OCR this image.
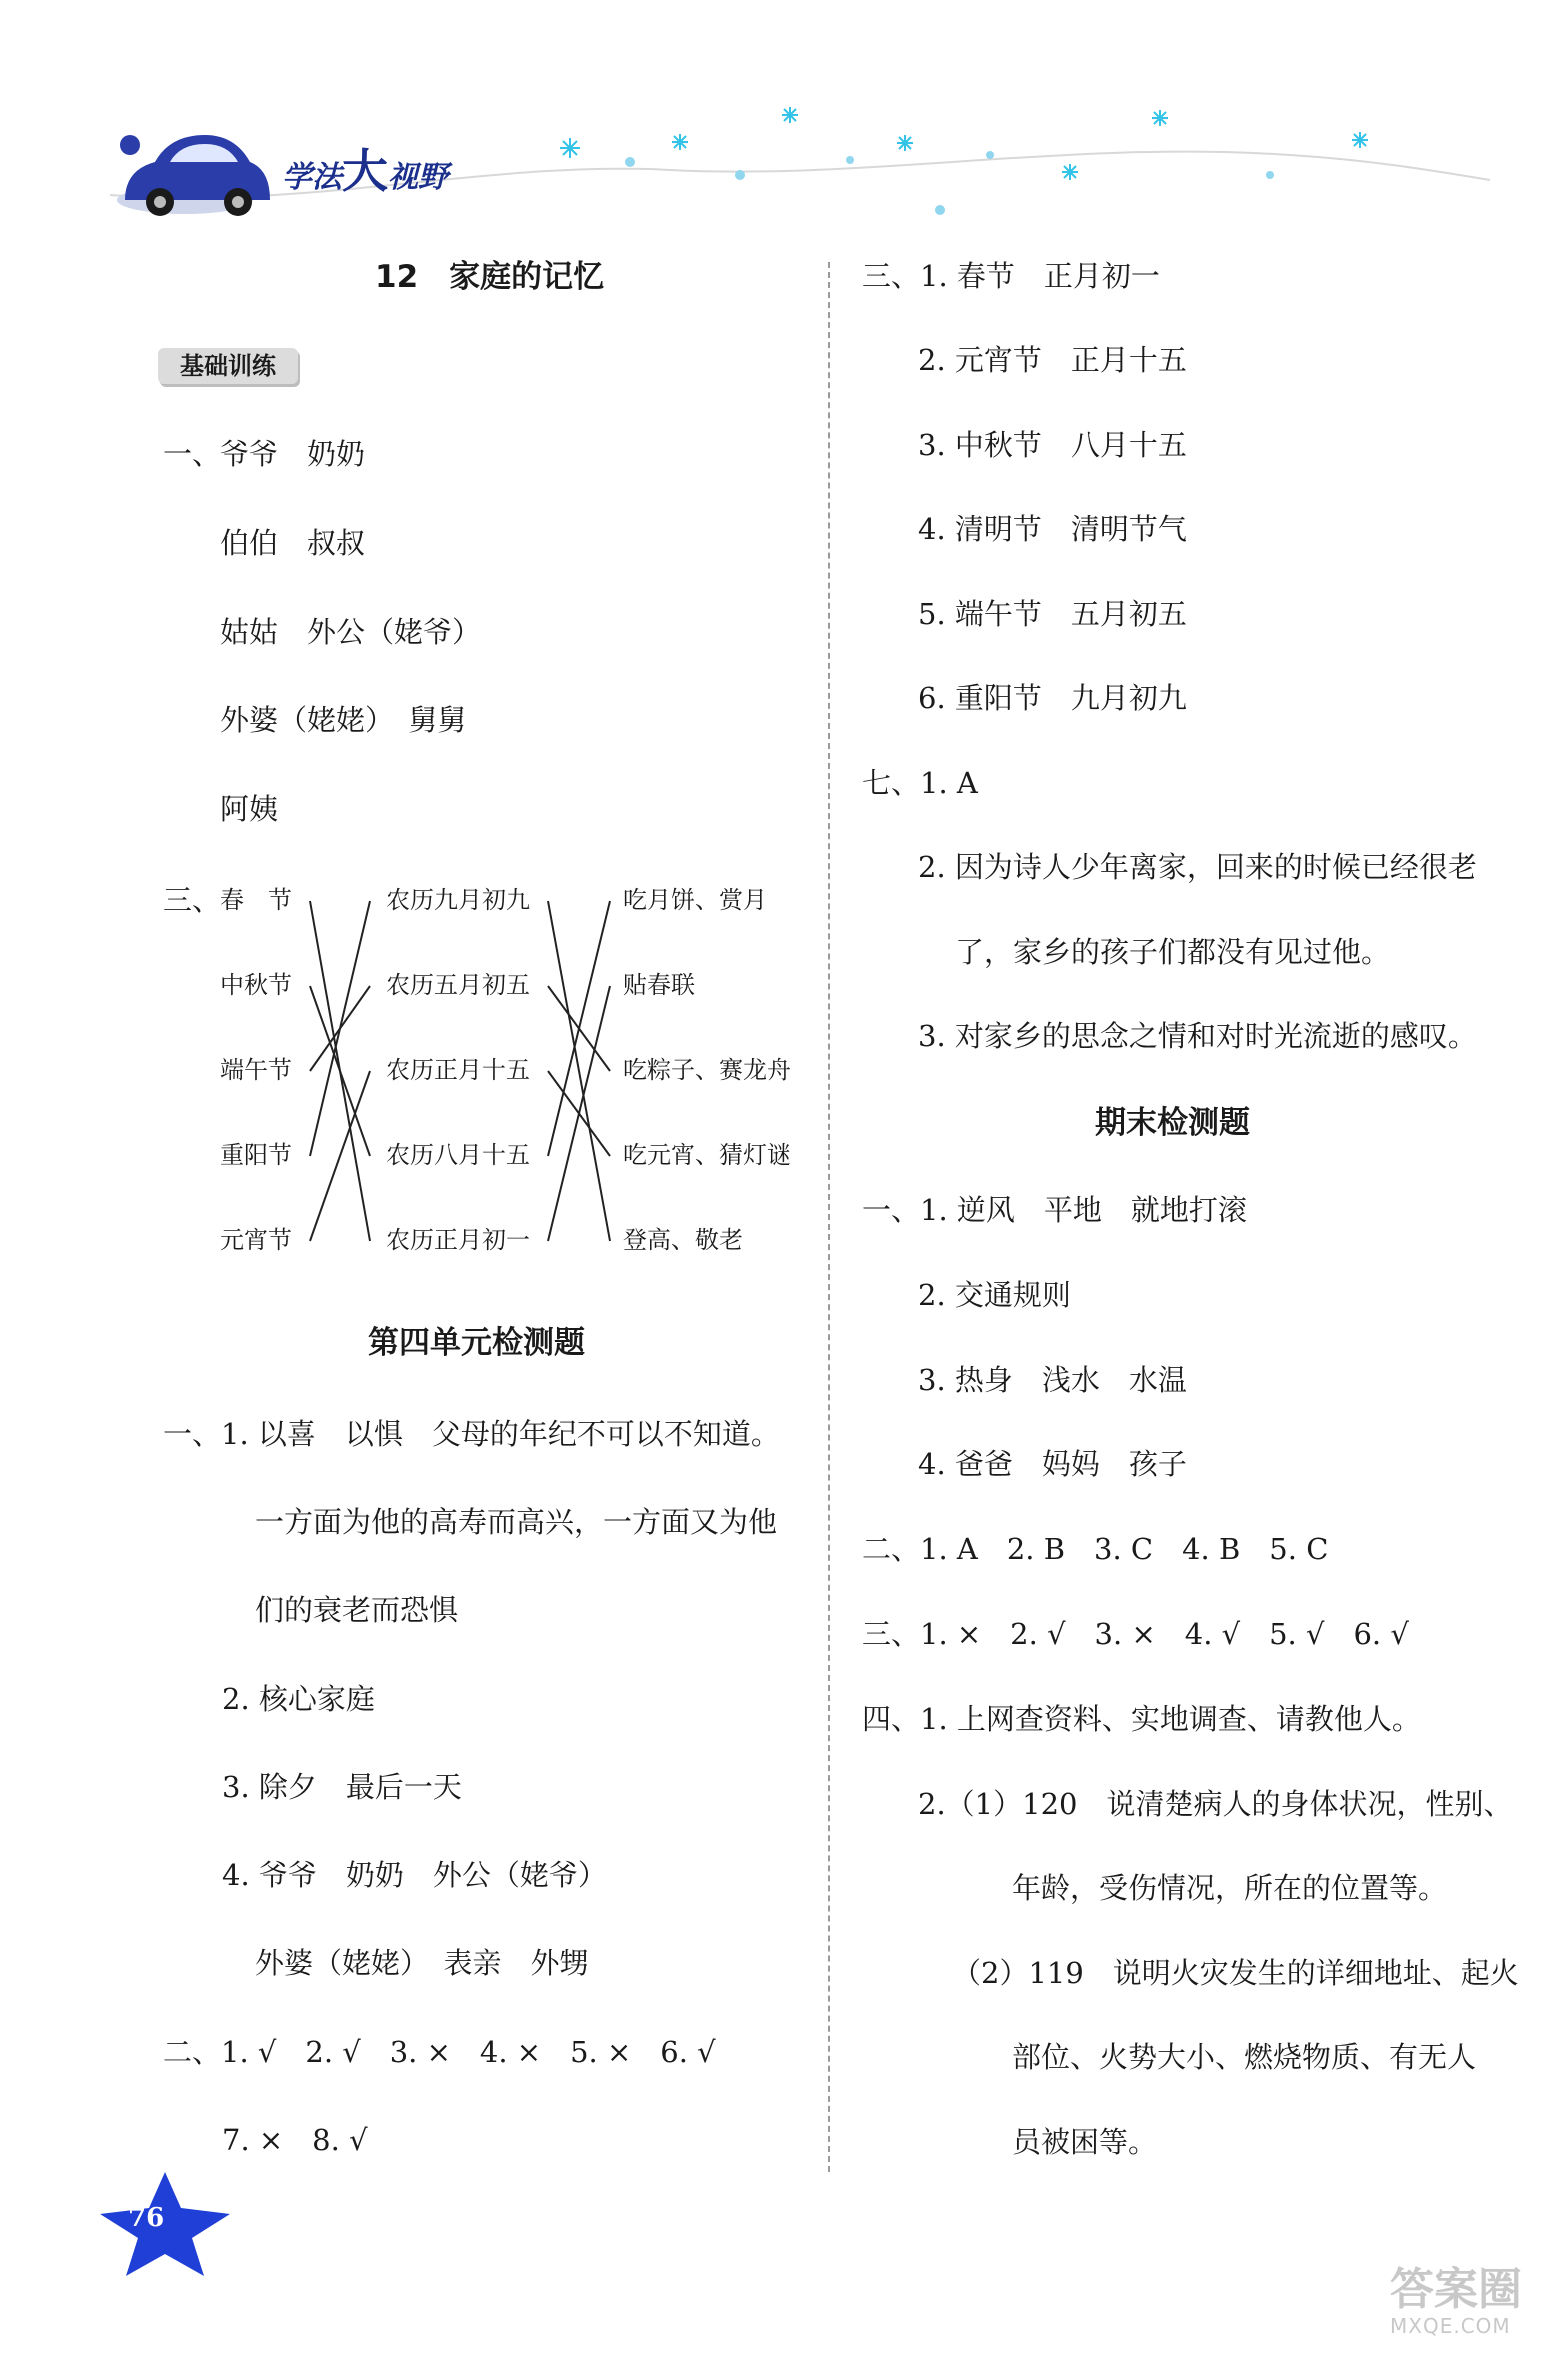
学法大视野
12　家庭的记忆
基础训练
一、
爷爷　奶奶
伯伯　叔叔
姑姑　外公（姥爷）
外婆（姥姥）　舅舅
阿姨
三、
春　节
中秋节
端午节
重阳节
元宵节
农历九月初九
农历五月初五
农历正月十五
农历八月十五
农历正月初一
吃月饼、赏月
贴春联
吃粽子、赛龙舟
吃元宵、猜灯谜
登高、敬老
第四单元检测题
一、1. 以喜　以惧　父母的年纪不可以不知道。
一方面为他的高寿而高兴，一方面又为他
们的衰老而恐惧
2. 核心家庭
3. 除夕　最后一天
4. 爷爷　奶奶　外公（姥爷）
外婆（姥姥）　表亲　外甥
二、1. √　2. √　3. ×　4. ×　5. ×　6. √
7. ×　8. √
三、1. 春节　正月初一
2. 元宵节　正月十五
3. 中秋节　八月十五
4. 清明节　清明节气
5. 端午节　五月初五
6. 重阳节　九月初九
七、1. A
2. 因为诗人少年离家，回来的时候已经很老
了，家乡的孩子们都没有见过他。
3. 对家乡的思念之情和对时光流逝的感叹。
期末检测题
一、1. 逆风　平地　就地打滚
2. 交通规则
3. 热身　浅水　水温
4. 爸爸　妈妈　孩子
二、1. A　2. B　3. C　4. B　5. C
三、1. ×　2. √　3. ×　4. √　5. √　6. √
四、1. 上网查资料、实地调查、请教他人。
2.（1）120　说清楚病人的身体状况，性别、
年龄，受伤情况，所在的位置等。
（2）119　说明火灾发生的详细地址、起火
部位、火势大小、燃烧物质、有无人
员被困等。
76
答案圈
MXQE.COM
